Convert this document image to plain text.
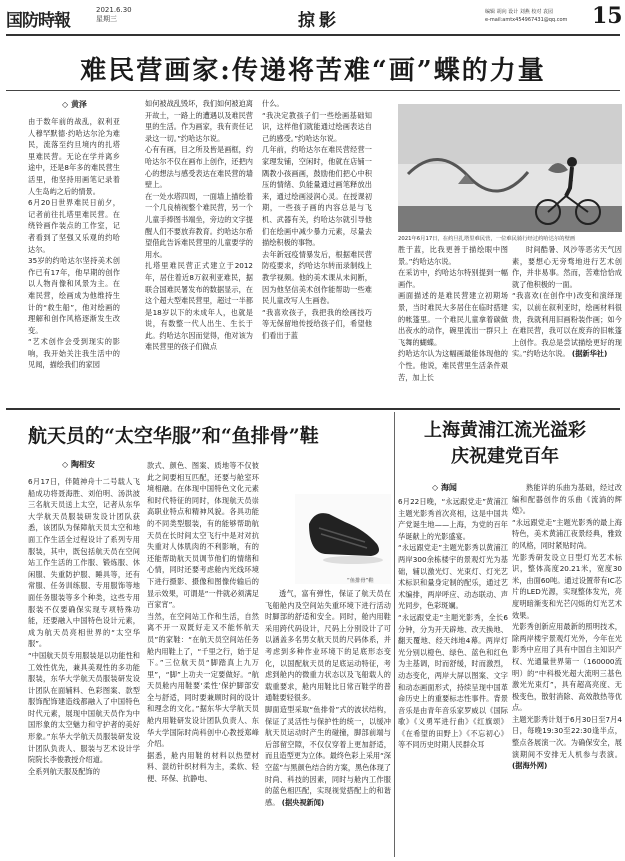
国防時報
2021.6.30
星期三	掠影	编辑 胡向 设计 刘燕 校对 袁园
e-mail:amtx454967431@qq.com	15
难民营画家:传递将苦难“画”蝶的力量
◇ 黄泽
由于数年前的战乱，叙利亚人穆罕默德·约哈达尔沦为难民，流落至约旦境内的扎塔里难民营。无论在学并离乡途中，还是8年多的难民营生活里，他坚持用画笔记录着人生岛屿之后的情景。
6月20日世界难民日前夕，记者前往扎塔里难民营。在绕铃画作装点的工作室，记者看到了坚强又乐观的约哈达尔。
35岁的约哈达尔坚持美术创作已有17年，他早期的创作以人物肖像和风景为主。在难民营，绘画成为他维持生计的“救生船”，他对绘画的理解和创作风格逐渐发生改变。
“艺术创作会受到现实的影响，我开始关注我生活中的见闻，描绘我们的家园
如何被战乱毁坏，我们如何被迫离开故土，一路上的遭遇以及难民营里的生活。作为画家，我有责任记录这一切。”约哈达尔说。
心有有画，目之所及皆是画框，约哈达尔不仅在画布上创作，还把内心的想法与感受表达在难民营的墙壁上。
在一处水塔四周，一面墙上描绘着一个几良梢视整个难民营，另一个儿童手捧图书端坐，旁边的文字提醒人们不要放弃教育。约哈达尔希望借此告诉难民营里的儿童要学的用水。
扎塔里难民营正式建立于2012年，居住着近8万叙利亚难民，据联合国难民署发布的数据显示，在这个超大型难民营里，超过一半都是18岁以下的未成年人，也就是说，有数整一代人出生、生长于此。约哈达尔因而觉得，他对该为难民营里的孩子们做点
什么。
“我决定教孩子们一些绘画基础知识，这样他们就能通过绘画表达自己的感受。”约哈达尔说。
几年前，约哈达尔在难民营经营一家理发铺，空闲时，他就在店铺一隅教小孩画画，鼓励他们把心中积压的情绪、负能量通过画笔释放出来，通过绘画浸润心灵。在授课初期，一些孩子画的内容总是与飞机、武器有关，约哈达尔就引导他们在绘画中减少暴力元素，尽量去描绘积极的事物。
去年新冠疫情暴发后，根据难民营防疫要求，约哈达尔转而录制线上教学视频。他的美术课从未间断，因为他坚信美术创作能帮助一些难民儿童改写人生画卷。
“我喜欢孩子，我把我的绘画技巧等无保留地传授给孩子们，希望他们看出于蓝
2021年6月17日，在约旦扎塔里难民营，一位难民骑行经过约哈达尔的壁画
胜于蓝，比我更善于描绘眼中图景。”约哈达尔说。
在采访中，约哈达尔特别提到一幅画作。
画面描述的是难民营建立初期场景，当时难民大多居住在临时搭建的帐篷里。一个难民儿童拿着碳做出夜水的动作，碗里流出一群只上飞舞的蝴蝶。
约哈达尔认为这幅画最能体现他的个性。他说，难民营里生活条件艰苦，加上长
时间酷暑、风沙等恶劣天气因素，要想心无旁骛地进行艺术创作，并非易事。然而，苦难恰恰成就了他积极的一面。
“我喜欢(在创作中)改变和演绎现实，以前在叙利亚时，绘画材料很贵，我就利用旧画粉装作画；如今在难民营，我可以在废弃的旧帐篷上创作。我总是尝试描绘更好的现实。”约哈达尔说。 (据新华社)
航天员的“太空华服”和“鱼排骨”鞋
◇ 陶相安
6月17日，伴随神舟十二号载人飞船成功将聂海胜、刘伯明、汤洪波三名航天员送上太空，记者从东华大学航天员服装研发设计团队获悉，该团队为保障航天员太空和地面工作生活全过程设计了系列专用服装，其中，既包括航天员在空间站工作生活的工作服、锻炼服、休闲服、失重防护服、睡具等，还有常服、任务训练服、专用服饰等地面任务服装等多个种类，这些专用服装不仅要确保实现专项特殊功能，还要融入中国特色设计元素，成为航天员亮相世界的“太空华服”。
“中国航天员专用服装是以功能性和工效性优先，兼具美观性的多功能服装，东华大学航天员服装研发设计团队在面辅料、色彩图案、款型服饰配饰建造线都融入了中国特色时代元素，展现中国航天员作为中国形象的太空魅力和守护者的美好形象。”东华大学航天员服装研发设计团队负责人、服装与艺术设计学院院长李俊教授介绍道。
全系列航天服及配饰的
款式、颜色、图案、质地等不仅彼此之间要相互匹配，还要与舱室环境相融。在体现中国特色文化元素和时代特征的同时，体现航天员崇高职业特点和精神风貌。各具功能的不同类型服装，有的能够帮助航天员在长时间太空飞行中是对对抗失重对人体肌肉的不利影响，有的还能帮助航天员调节他们的情绪和心情，同时还要考虑舱内光线环境下进行摄影、摄像和图像传输后的显示效果，可谓是“一件就必须满足百家宵”。
当然，在空间站工作和生活，自然离不开一双既好走又不能怀航天员”的家鞋：“在航天员空间站任务舱内用鞋上了，“千里之行，始于足下。”三位航天员“脚踏真上九万里”，“脚”上功夫一定要做好。“航天员舱内用鞋要‘柔性’保护脚部安全与舒适，同时要兼顾时间的设计和理念的文化。”据东华大学航天员舱内用鞋研发设计团队负责人、东华大学国际时尚科创中心教授郑峰介绍。
据悉，舱内用鞋的材料以热塑材料、混纺针织材料为主，柔软、轻便、环保、抗静电、
“鱼排骨”鞋
透气，富有弹性，保证了航天员在飞船舱内及空间站失重环境下进行活动时脚部的舒适和安全。同时，舱内用鞋采用跨代码设计，尺码上分别设计了可以涵盖多名男女航天员的尺码体系，并考虑到多种作业环境下的足底形态变化，以国配航天员的足底运动特征，考虑到舱内的微重力状态以及飞船载人的载重要求，舱内用鞋比日常百鞋学的普通鞋要轻很多。
脚面造型采取“鱼排骨”式的波状结构，保证了灵活性与保护性的统一，以缓冲航天员运动时产生的碰撞，脚部前端与后部留空隙，不仅仅穿着上更加舒适，而且造型更为立体。最终色彩上采用“深空蓝”与黑颜色结合的方案，黑色体现了时尚、科技的因素，同时与舱内工作服的蓝色相匹配，实现视觉搭配上的和谐感。 (据央视新闻)
上海黄浦江流光溢彩
庆祝建党百年
◇ 海闻
6月22日晚，“永远跟党走”黄浦江主题光影秀首次亮相，这是中国共产党诞生地——上海，为党的百年华诞献上的光影盛宴。
“永远跟党走”主题光影秀以黄浦江两岸300余栋楼宇的景观灯光为基础，辅以激光灯、光束灯、灯光艺术标识和量身定制的配乐，通过艺术编排，两岸呼应、动态联动、声光同步，色彩斑斓。
“永远跟党走”主题光影秀，全长6分钟，分为开天辟地、改天换地、翻天覆地、经天纬地4幕。两岸灯光分别以橙色、绿色、蓝色和红色为主基调，时而舒缓，时而激烈，动态变化，两岸大屏以图案、文字和动态画面形式，持续呈现中国革命历史上的重要标志性事件。背景音乐是由青年音乐家罗威以《国际歌》《义勇军进行曲》《红旗颂》《在希望的田野上》《不忘初心》等不同历史时期人民群众耳
熟能详的乐曲为基础，经过改编和配器创作的乐曲《流淌的辉煌》。
“永远跟党走”主题光影秀的最上海特色，美术黄浦江夜景经典，雅致的风格，同时紧贴时尚。
光影秀研发设立日型灯光艺术标识，整体高度20.21米，宽度30米，由面60吨。通过设置带有IC芯片的LED光源，实现整体发光，亮度明暗渐变和光芒闪烁的灯光艺术效果。
光影秀创新应用最新的照明技术，除两岸楼宇景观灯光外，今年在光影秀中应用了具有中国自主知识产权、光通量世界第一（160000流明）的“中科极光超大流明三基色激光光束灯”，具有超高亮度、无极变色，散射消除、高效散热等优点。
主题光影秀计划于6月30日至7月4日，每晚19:30至22:30逢半点，整点各展演一次。为确保安全，展演期间不安排无人机参与表演。 (据海外网)
